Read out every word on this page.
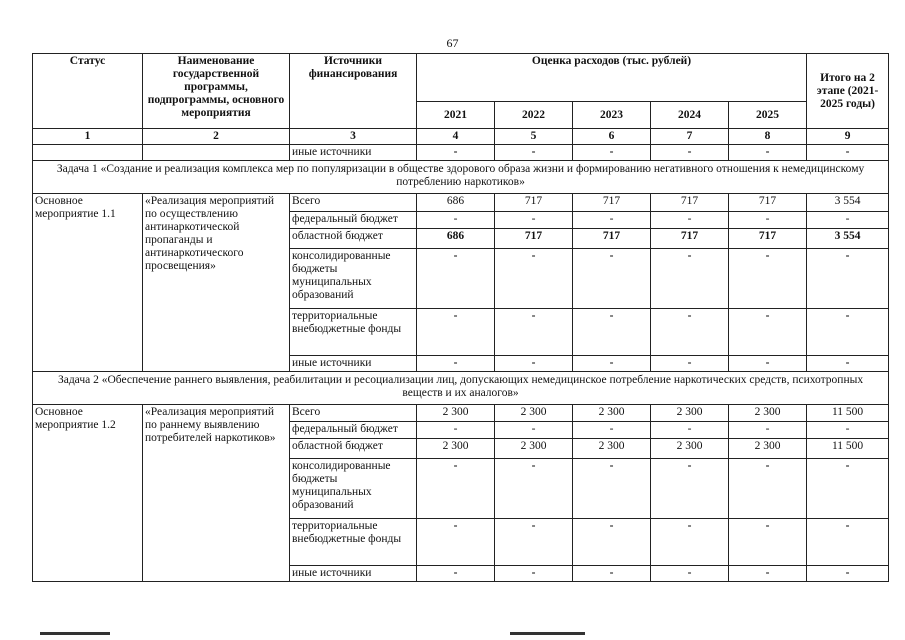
67
Статус	Наименование государственной программы, подпрограммы, основного мероприятия	Источники финансирования	Оценка расходов (тыс. рублей)					Итого на 2 этапе (2021-2025 годы)
			2021	2022	2023	2024	2025	
1	2	3	4	5	6	7	8	9
		иные источники	-	-	-	-	-	-
Задача 1 «Создание и реализация комплекса мер по популяризации в обществе здорового образа жизни и формированию негативного отношения к немедицинскому потреблению наркотиков»								
Основное мероприятие 1.1	«Реализация мероприятий по осуществлению антинаркотической пропаганды и антинаркотического просвещения»	Всего	686	717	717	717	717	3 554
		федеральный бюджет	-	-	-	-	-	-
		областной бюджет	686	717	717	717	717	3 554
		консолидированные бюджеты муниципальных образований	-	-	-	-	-	-
		территориальные внебюджетные фонды	-	-	-	-	-	-
		иные источники	-	-	-	-	-	-
Задача 2 «Обеспечение раннего выявления, реабилитации и ресоциализации лиц, допускающих немедицинское потребление наркотических средств, психотропных веществ и их аналогов»								
Основное мероприятие 1.2	«Реализация мероприятий по раннему выявлению потребителей наркотиков»	Всего	2 300	2 300	2 300	2 300	2 300	11 500
		федеральный бюджет	-	-	-	-	-	-
		областной бюджет	2 300	2 300	2 300	2 300	2 300	11 500
		консолидированные бюджеты муниципальных образований	-	-	-	-	-	-
		территориальные внебюджетные фонды	-	-	-	-	-	-
		иные источники	-	-	-	-	-	-
